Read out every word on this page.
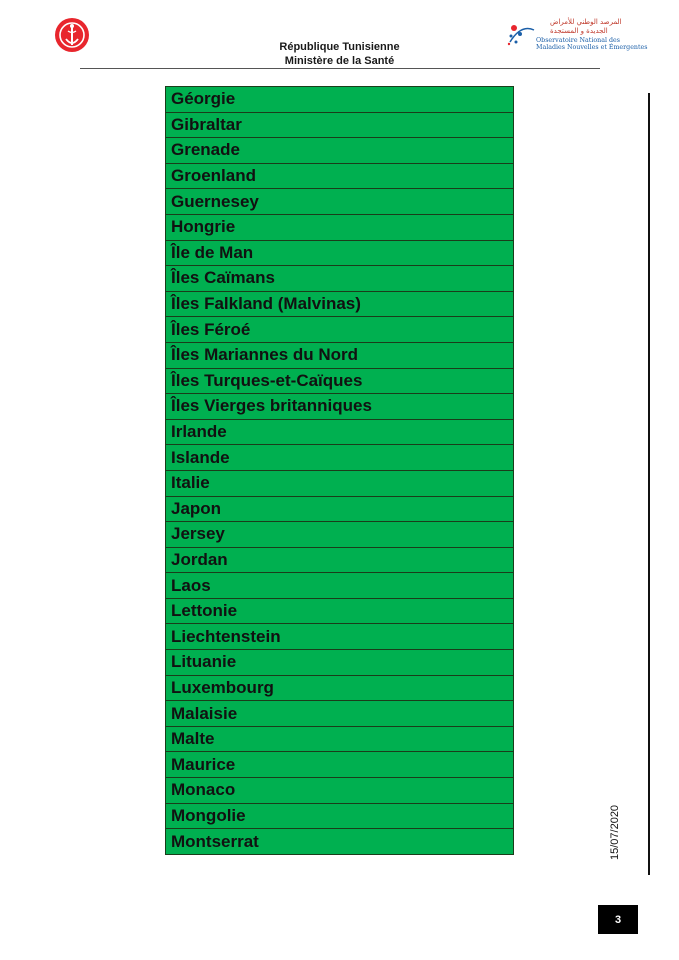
المرصد الوطني للأمراض
الجديدة و المستجدة
Observatoire National des
Maladies Nouvelles et Émergentes
République Tunisienne
Ministère de la Santé
Géorgie
Gibraltar
Grenade
Groenland
Guernesey
Hongrie
Île de Man
Îles Caïmans
Îles Falkland (Malvinas)
Îles Féroé
Îles Mariannes du Nord
Îles Turques-et-Caïques
Îles Vierges britanniques
Irlande
Islande
Italie
Japon
Jersey
Jordan
Laos
Lettonie
Liechtenstein
Lituanie
Luxembourg
Malaisie
Malte
Maurice
Monaco
Mongolie
Montserrat	15/07/2020
3
